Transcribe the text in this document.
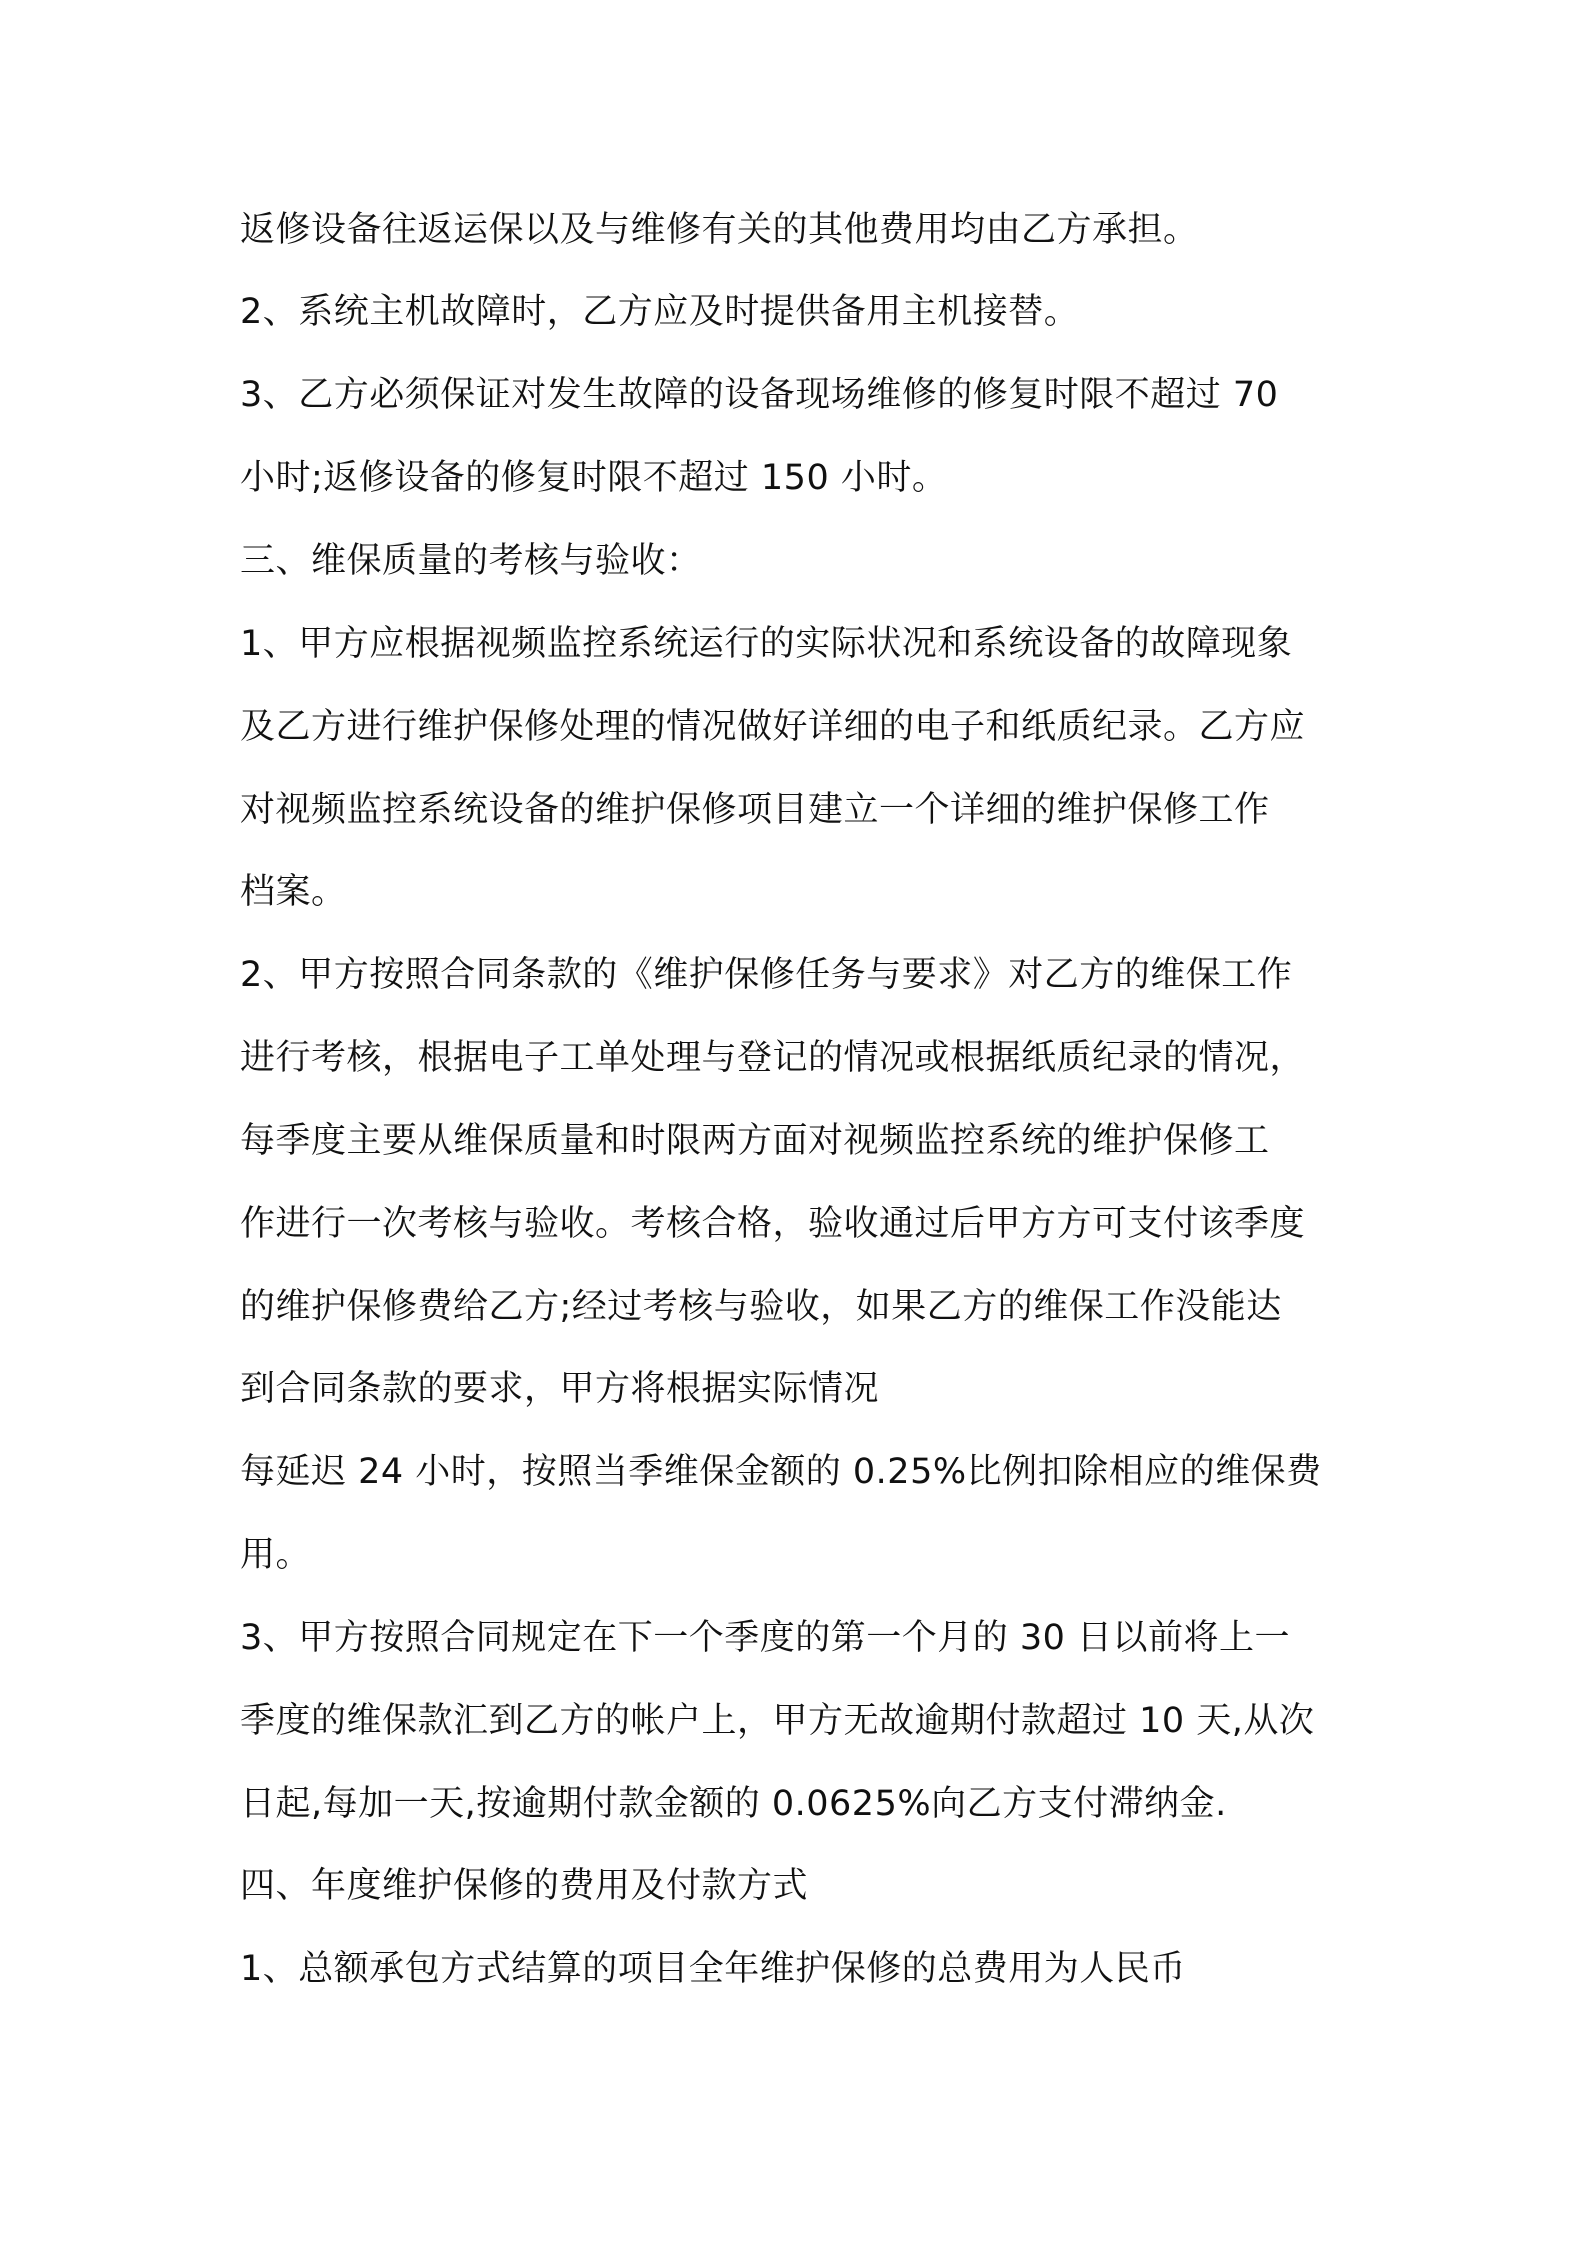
返修设备往返运保以及与维修有关的其他费用均由乙方承担。
2、系统主机故障时，乙方应及时提供备用主机接替。
3、乙方必须保证对发生故障的设备现场维修的修复时限不超过 70
小时;返修设备的修复时限不超过 150 小时。
三、维保质量的考核与验收：
1、甲方应根据视频监控系统运行的实际状况和系统设备的故障现象
及乙方进行维护保修处理的情况做好详细的电子和纸质纪录。乙方应
对视频监控系统设备的维护保修项目建立一个详细的维护保修工作
档案。
2、甲方按照合同条款的《维护保修任务与要求》对乙方的维保工作
进行考核，根据电子工单处理与登记的情况或根据纸质纪录的情况，
每季度主要从维保质量和时限两方面对视频监控系统的维护保修工
作进行一次考核与验收。考核合格，验收通过后甲方方可支付该季度
的维护保修费给乙方;经过考核与验收，如果乙方的维保工作没能达
到合同条款的要求，甲方将根据实际情况
每延迟 24 小时，按照当季维保金额的 0.25%比例扣除相应的维保费
用。
3、甲方按照合同规定在下一个季度的第一个月的 30 日以前将上一
季度的维保款汇到乙方的帐户上，甲方无故逾期付款超过 10 天,从次
日起,每加一天,按逾期付款金额的 0.0625%向乙方支付滞纳金.
四、年度维护保修的费用及付款方式
1、总额承包方式结算的项目全年维护保修的总费用为人民币
